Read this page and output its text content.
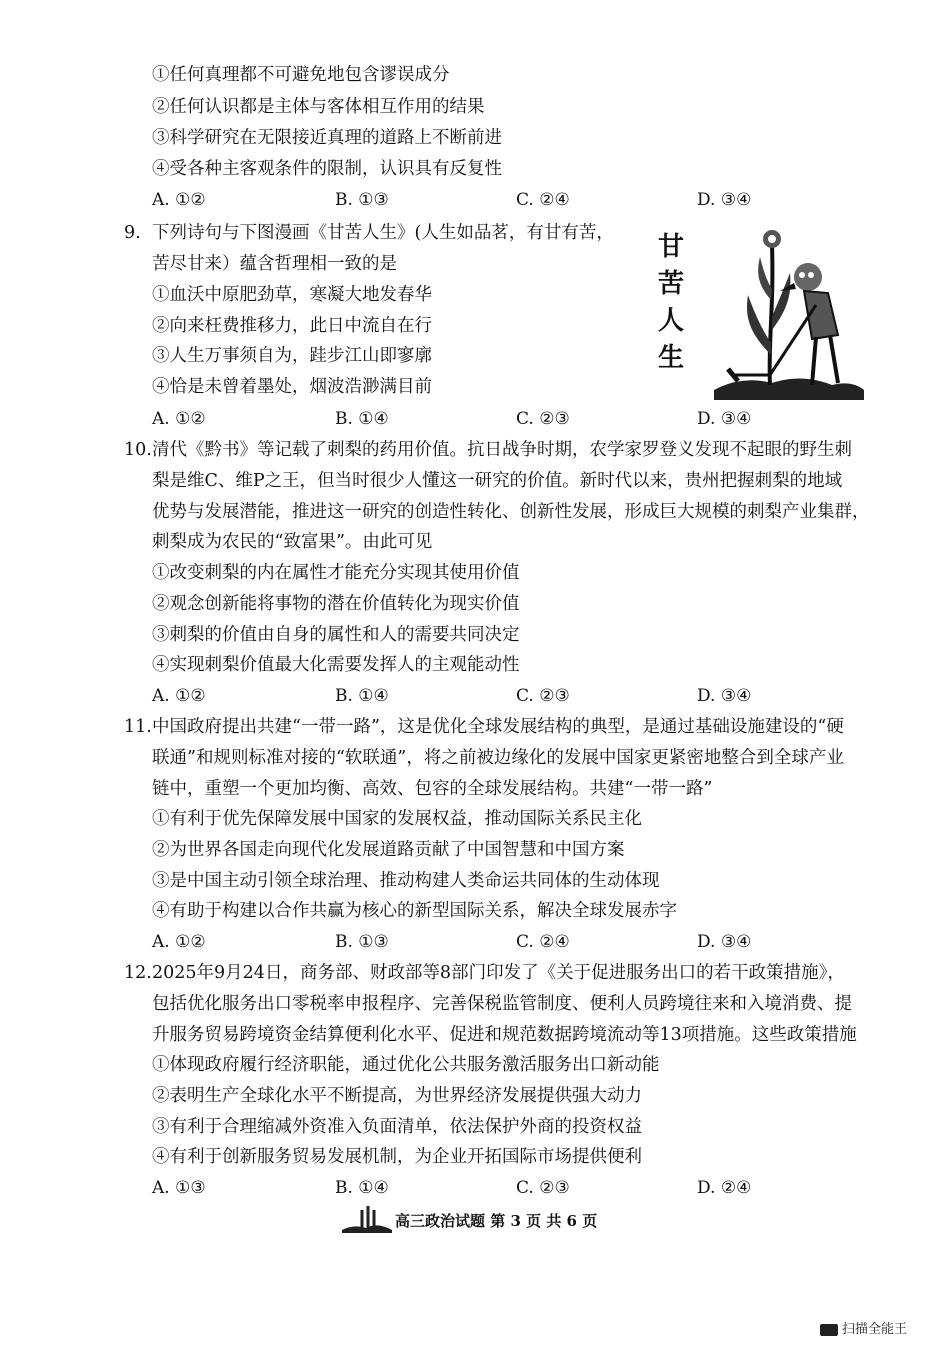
①任何真理都不可避免地包含谬误成分
②任何认识都是主体与客体相互作用的结果
③科学研究在无限接近真理的道路上不断前进
④受各种主客观条件的限制，认识具有反复性
A. ①②	B. ①③	C. ②④	D. ③④
9. 下列诗句与下图漫画《甘苦人生》(人生如品茗，有甘有苦，
苦尽甘来）蕴含哲理相一致的是
①血沃中原肥劲草，寒凝大地发春华
②向来枉费推移力，此日中流自在行
③人生万事须自为，跬步江山即寥廓
④恰是未曾着墨处，烟波浩渺满目前
A. ①②	B. ①④	C. ②③	D. ③④
甘苦人生
10. 清代《黔书》等记载了刺梨的药用价值。抗日战争时期，农学家罗登义发现不起眼的野生刺
梨是维C、维P之王，但当时很少人懂这一研究的价值。新时代以来，贵州把握刺梨的地域
优势与发展潜能，推进这一研究的创造性转化、创新性发展，形成巨大规模的刺梨产业集群，
刺梨成为农民的“致富果”。由此可见
①改变刺梨的内在属性才能充分实现其使用价值
②观念创新能将事物的潜在价值转化为现实价值
③刺梨的价值由自身的属性和人的需要共同决定
④实现刺梨价值最大化需要发挥人的主观能动性
A. ①②	B. ①④	C. ②③	D. ③④
11. 中国政府提出共建“一带一路”，这是优化全球发展结构的典型，是通过基础设施建设的“硬
联通”和规则标准对接的“软联通”，将之前被边缘化的发展中国家更紧密地整合到全球产业
链中，重塑一个更加均衡、高效、包容的全球发展结构。共建“一带一路”
①有利于优先保障发展中国家的发展权益，推动国际关系民主化
②为世界各国走向现代化发展道路贡献了中国智慧和中国方案
③是中国主动引领全球治理、推动构建人类命运共同体的生动体现
④有助于构建以合作共赢为核心的新型国际关系，解决全球发展赤字
A. ①②	B. ①③	C. ②④	D. ③④
12. 2025年9月24日，商务部、财政部等8部门印发了《关于促进服务出口的若干政策措施》，
包括优化服务出口零税率申报程序、完善保税监管制度、便利人员跨境往来和入境消费、提
升服务贸易跨境资金结算便利化水平、促进和规范数据跨境流动等13项措施。这些政策措施
①体现政府履行经济职能，通过优化公共服务激活服务出口新动能
②表明生产全球化水平不断提高，为世界经济发展提供强大动力
③有利于合理缩减外资准入负面清单，依法保护外商的投资权益
④有利于创新服务贸易发展机制，为企业开拓国际市场提供便利
A. ①③	B. ①④	C. ②③	D. ②④
高三政治试题 第 3 页 共 6 页
扫描全能王
